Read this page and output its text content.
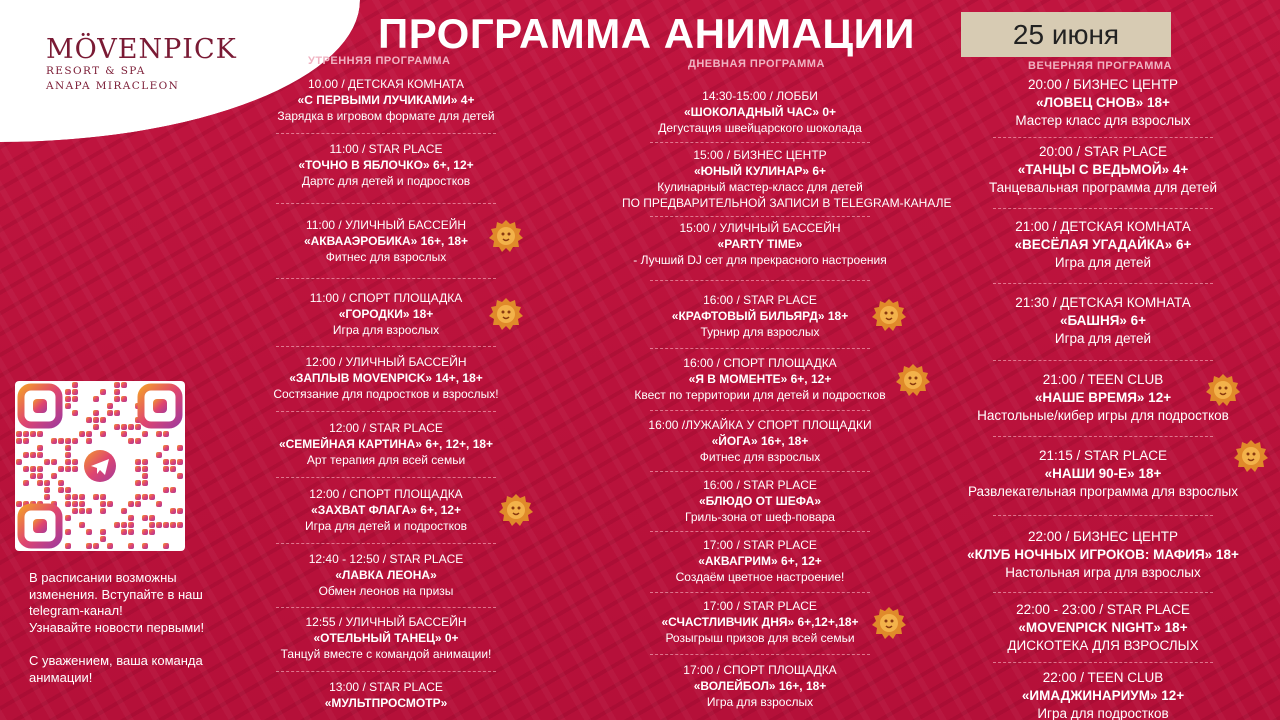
MÖVENPICK
RESORT & SPA
ANAPA MIRACLEON
ПРОГРАММА АНИМАЦИИ	25 июня
УТРЕННЯЯ ПРОГРАММА	ДНЕВНАЯ ПРОГРАММА	ВЕЧЕРНЯЯ ПРОГРАММА
10.00 / ДЕТСКАЯ КОМНАТА
«С ПЕРВЫМИ ЛУЧИКАМИ» 4+
Зарядка в игровом формате для детей
11:00 / STAR PLACE
«ТОЧНО В ЯБЛОЧКО» 6+, 12+
Дартс для детей и подростков
11:00 / УЛИЧНЫЙ БАССЕЙН
«АКВААЭРОБИКА» 16+, 18+
Фитнес для взрослых
11:00 / СПОРТ ПЛОЩАДКА
«ГОРОДКИ» 18+
Игра для взрослых
12:00 / УЛИЧНЫЙ БАССЕЙН
«ЗАПЛЫВ MOVENPICK» 14+, 18+
Состязание для подростков и взрослых!
12:00 / STAR PLACE
«СЕМЕЙНАЯ КАРТИНА» 6+, 12+, 18+
Арт терапия для всей семьи
12:00 / СПОРТ ПЛОЩАДКА
«ЗАХВАТ ФЛАГА» 6+, 12+
Игра для детей и подростков
12:40 - 12:50 / STAR PLACE
«ЛАВКА ЛЕОНА»
Обмен леонов на призы
12:55 / УЛИЧНЫЙ БАССЕЙН
«ОТЕЛЬНЫЙ ТАНЕЦ» 0+
Танцуй вместе с командой анимации!
13:00 / STAR PLACE
«МУЛЬТПРОСМОТР»
14:30-15:00 / ЛОББИ
«ШОКОЛАДНЫЙ ЧАС» 0+
Дегустация швейцарского шоколада
15:00 / БИЗНЕС ЦЕНТР
«ЮНЫЙ КУЛИНАР» 6+
Кулинарный мастер-класс для детей
ПО ПРЕДВАРИТЕЛЬНОЙ ЗАПИСИ В TELEGRAM-КАНАЛЕ
15:00 / УЛИЧНЫЙ БАССЕЙН
«PARTY TIME»
- Лучший DJ сет для прекрасного настроения
16:00 / STAR PLACE
«КРАФТОВЫЙ БИЛЬЯРД» 18+
Турнир для взрослых
16:00 / СПОРТ ПЛОЩАДКА
«Я В МОМЕНТЕ» 6+, 12+
Квест по территории для детей и подростков
16:00 /ЛУЖАЙКА У СПОРТ ПЛОЩАДКИ
«ЙОГА» 16+, 18+
Фитнес для взрослых
16:00 / STAR PLACE
«БЛЮДО ОТ ШЕФА»
Гриль-зона от шеф-повара
17:00 / STAR PLACE
«АКВАГРИМ» 6+, 12+
Создаём цветное настроение!
17:00 / STAR PLACE
«СЧАСТЛИВЧИК ДНЯ» 6+,12+,18+
Розыгрыш призов для всей семьи
17:00 / СПОРТ ПЛОЩАДКА
«ВОЛЕЙБОЛ» 16+, 18+
Игра для взрослых
20:00 / БИЗНЕС ЦЕНТР
«ЛОВЕЦ СНОВ» 18+
Мастер класс для взрослых
20:00 / STAR PLACE
«ТАНЦЫ С ВЕДЬМОЙ» 4+
Танцевальная программа для детей
21:00 / ДЕТСКАЯ КОМНАТА
«ВЕСЁЛАЯ УГАДАЙКА» 6+
Игра для детей
21:30 / ДЕТСКАЯ КОМНАТА
«БАШНЯ» 6+
Игра для детей
21:00 / TEEN CLUB
«НАШЕ ВРЕМЯ» 12+
Настольные/кибер игры для подростков
21:15 / STAR PLACE
«НАШИ 90-Е» 18+
Развлекательная программа для взрослых
22:00 / БИЗНЕС ЦЕНТР
«КЛУБ НОЧНЫХ ИГРОКОВ: МАФИЯ» 18+
Настольная игра для взрослых
22:00 - 23:00 / STAR PLACE
«MOVENPICK NIGHT» 18+
ДИСКОТЕКА ДЛЯ ВЗРОСЛЫХ
22:00 / TEEN CLUB
«ИМАДЖИНАРИУМ» 12+
Игра для подростков
В расписании возможны
изменения. Вступайте в наш
telegram-канал!
Узнавайте новости первыми!
С уважением, ваша команда
анимации!
